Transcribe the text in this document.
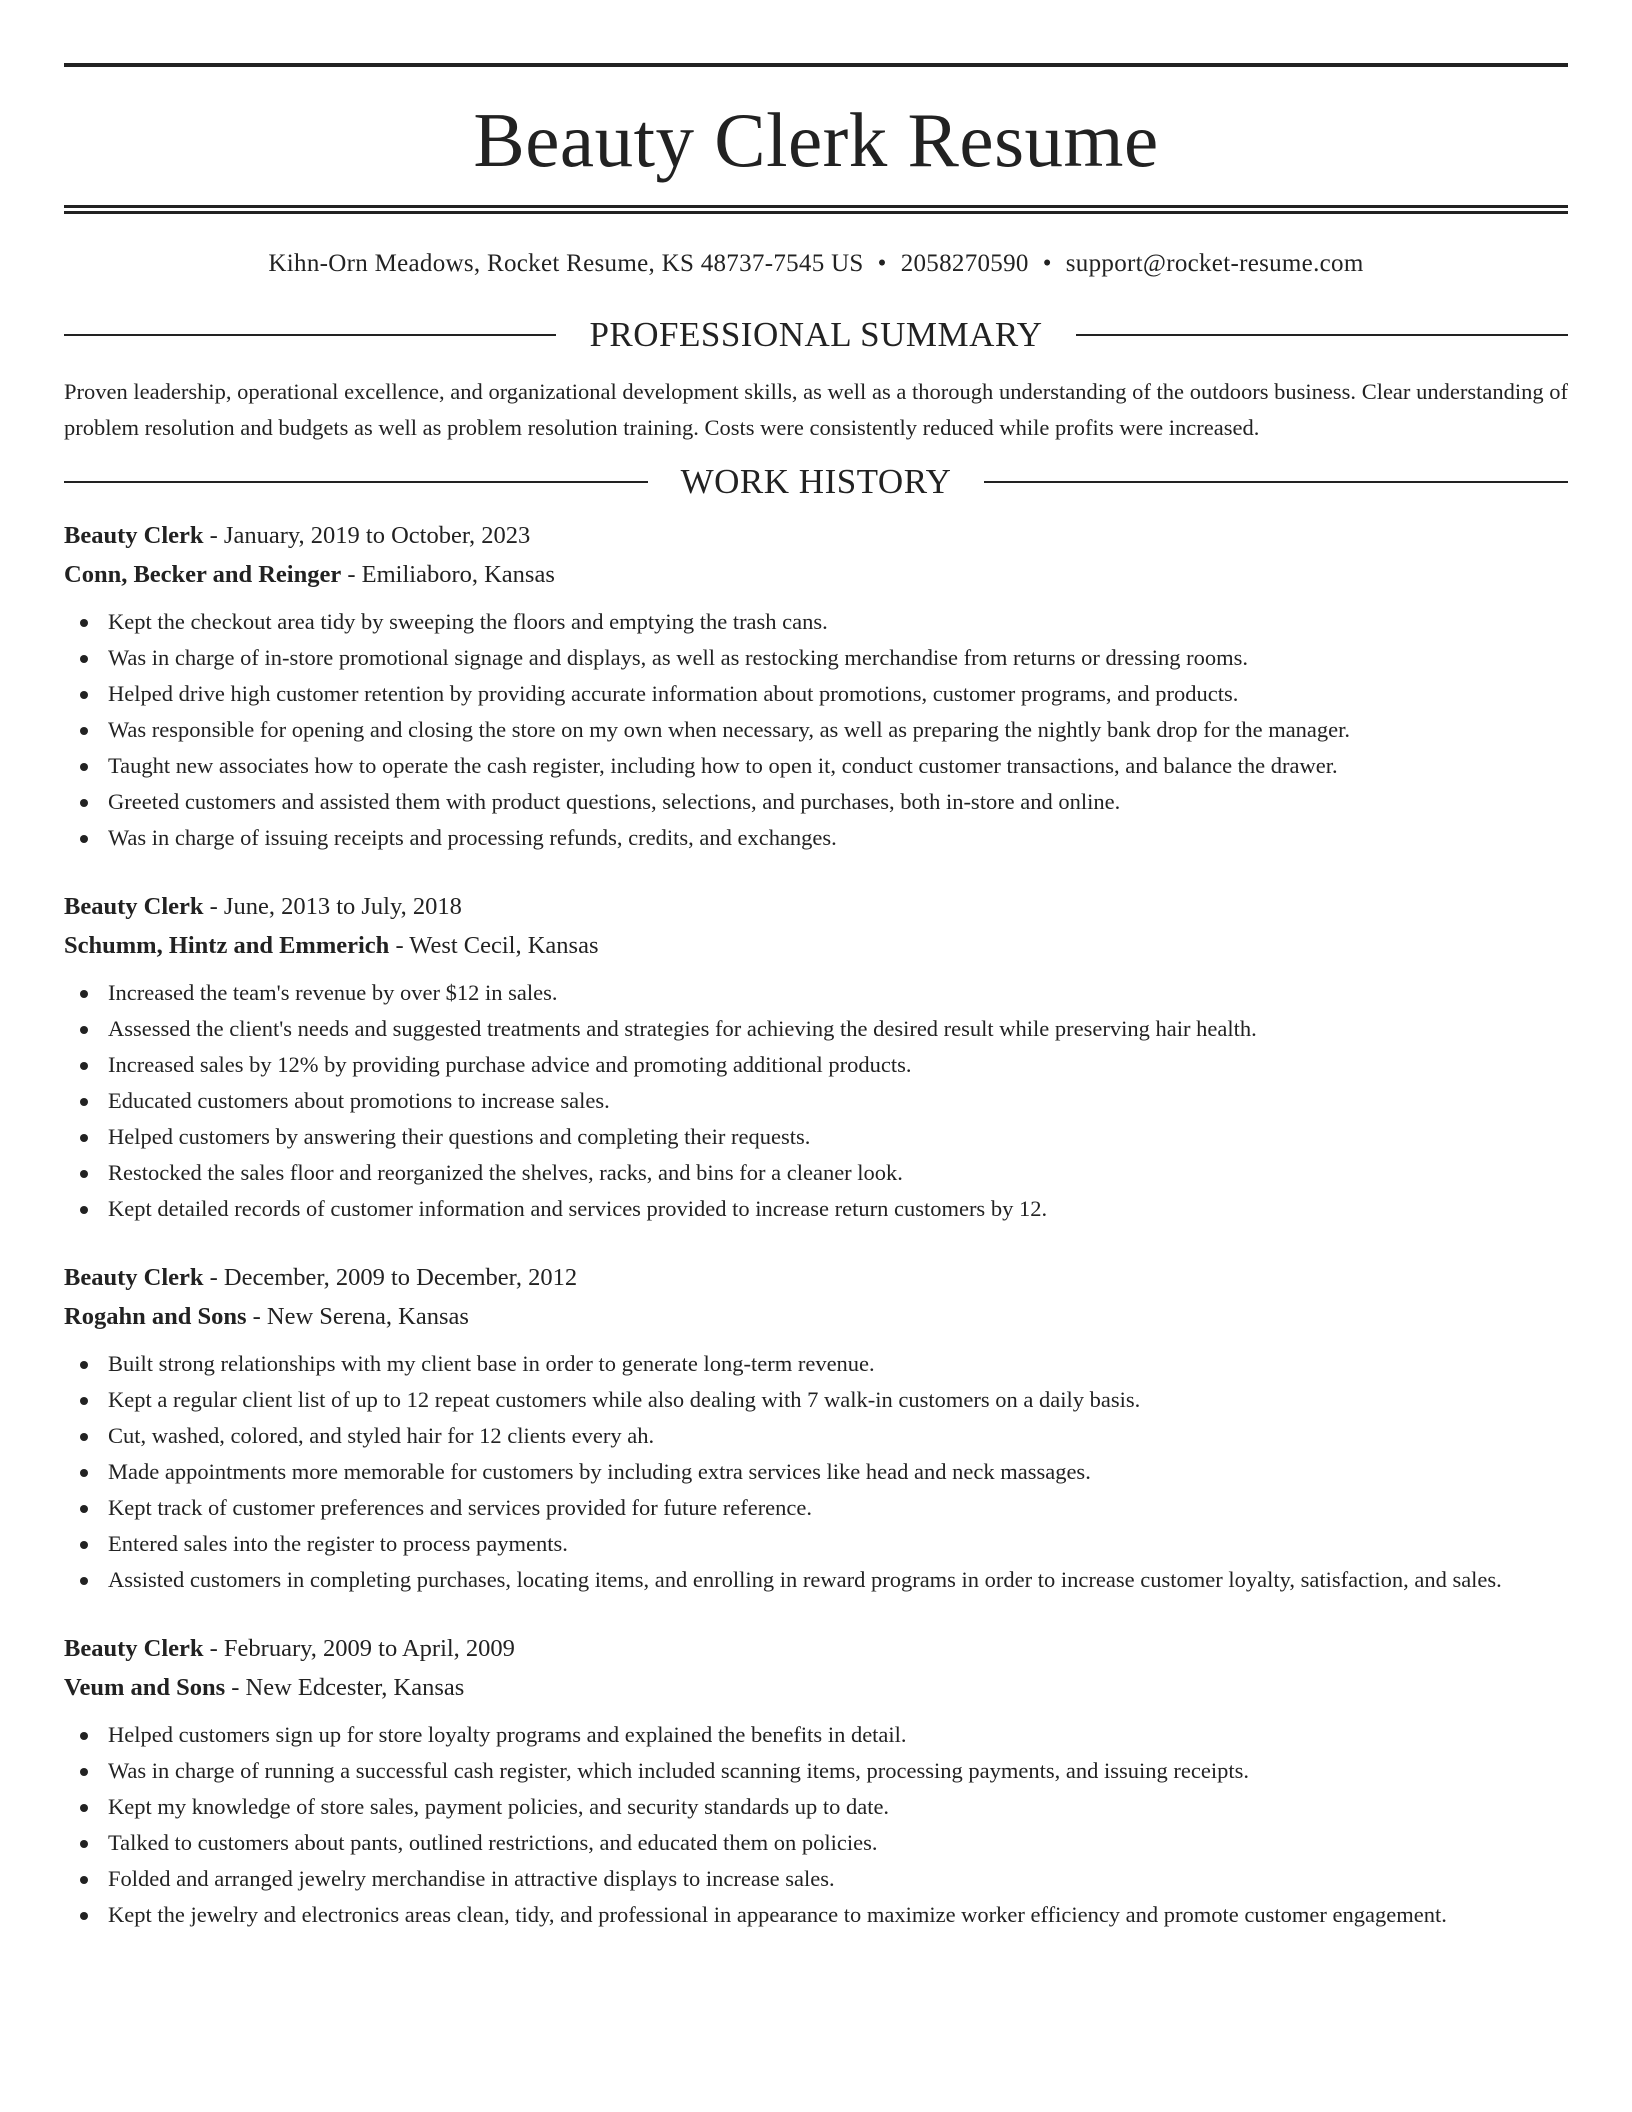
Beauty Clerk Resume
Kihn-Orn Meadows, Rocket Resume, KS 48737-7545 US • 2058270590 • support@rocket-resume.com
PROFESSIONAL SUMMARY
Proven leadership, operational excellence, and organizational development skills, as well as a thorough understanding of the outdoors business. Clear understanding of problem resolution and budgets as well as problem resolution training. Costs were consistently reduced while profits were increased.
WORK HISTORY
Beauty Clerk - January, 2019 to October, 2023
Conn, Becker and Reinger - Emiliaboro, Kansas
Kept the checkout area tidy by sweeping the floors and emptying the trash cans.
Was in charge of in-store promotional signage and displays, as well as restocking merchandise from returns or dressing rooms.
Helped drive high customer retention by providing accurate information about promotions, customer programs, and products.
Was responsible for opening and closing the store on my own when necessary, as well as preparing the nightly bank drop for the manager.
Taught new associates how to operate the cash register, including how to open it, conduct customer transactions, and balance the drawer.
Greeted customers and assisted them with product questions, selections, and purchases, both in-store and online.
Was in charge of issuing receipts and processing refunds, credits, and exchanges.
Beauty Clerk - June, 2013 to July, 2018
Schumm, Hintz and Emmerich - West Cecil, Kansas
Increased the team's revenue by over $12 in sales.
Assessed the client's needs and suggested treatments and strategies for achieving the desired result while preserving hair health.
Increased sales by 12% by providing purchase advice and promoting additional products.
Educated customers about promotions to increase sales.
Helped customers by answering their questions and completing their requests.
Restocked the sales floor and reorganized the shelves, racks, and bins for a cleaner look.
Kept detailed records of customer information and services provided to increase return customers by 12.
Beauty Clerk - December, 2009 to December, 2012
Rogahn and Sons - New Serena, Kansas
Built strong relationships with my client base in order to generate long-term revenue.
Kept a regular client list of up to 12 repeat customers while also dealing with 7 walk-in customers on a daily basis.
Cut, washed, colored, and styled hair for 12 clients every ah.
Made appointments more memorable for customers by including extra services like head and neck massages.
Kept track of customer preferences and services provided for future reference.
Entered sales into the register to process payments.
Assisted customers in completing purchases, locating items, and enrolling in reward programs in order to increase customer loyalty, satisfaction, and sales.
Beauty Clerk - February, 2009 to April, 2009
Veum and Sons - New Edcester, Kansas
Helped customers sign up for store loyalty programs and explained the benefits in detail.
Was in charge of running a successful cash register, which included scanning items, processing payments, and issuing receipts.
Kept my knowledge of store sales, payment policies, and security standards up to date.
Talked to customers about pants, outlined restrictions, and educated them on policies.
Folded and arranged jewelry merchandise in attractive displays to increase sales.
Kept the jewelry and electronics areas clean, tidy, and professional in appearance to maximize worker efficiency and promote customer engagement.
